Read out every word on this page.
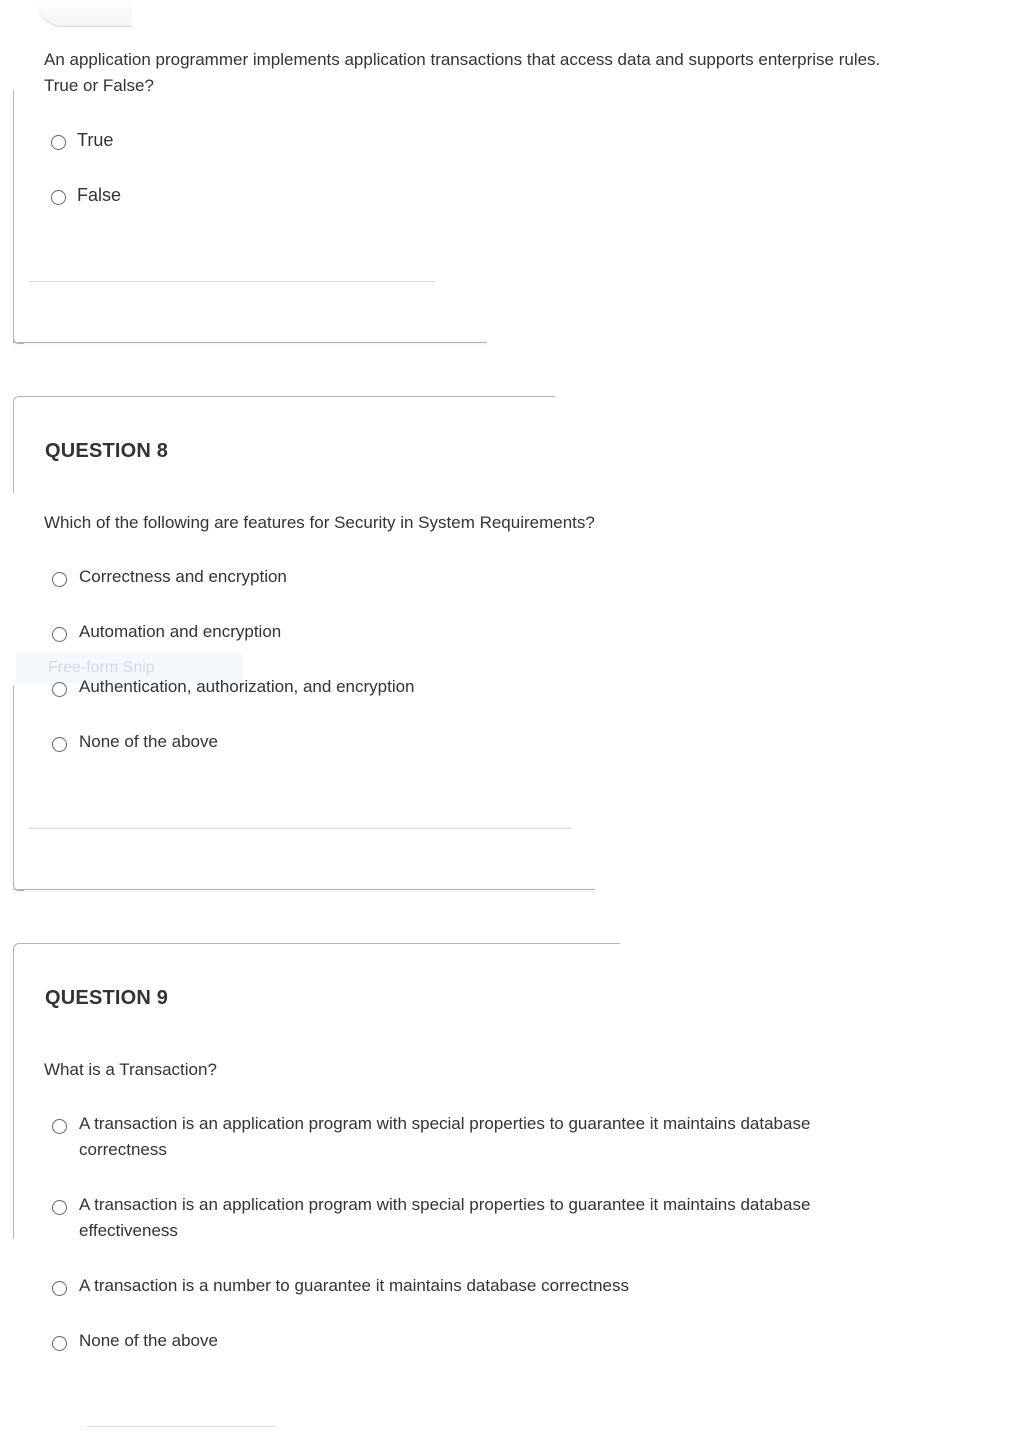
An application programmer implements application transactions that access data and supports enterprise rules.
True or False?
True
False
QUESTION 8
Which of the following are features for Security in System Requirements?
Free-form Snip
Correctness and encryption
Automation and encryption
Authentication, authorization, and encryption
None of the above
QUESTION 9
What is a Transaction?
A transaction is an application program with special properties to guarantee it maintains database
correctness
A transaction is an application program with special properties to guarantee it maintains database
effectiveness
A transaction is a number to guarantee it maintains database correctness
None of the above
